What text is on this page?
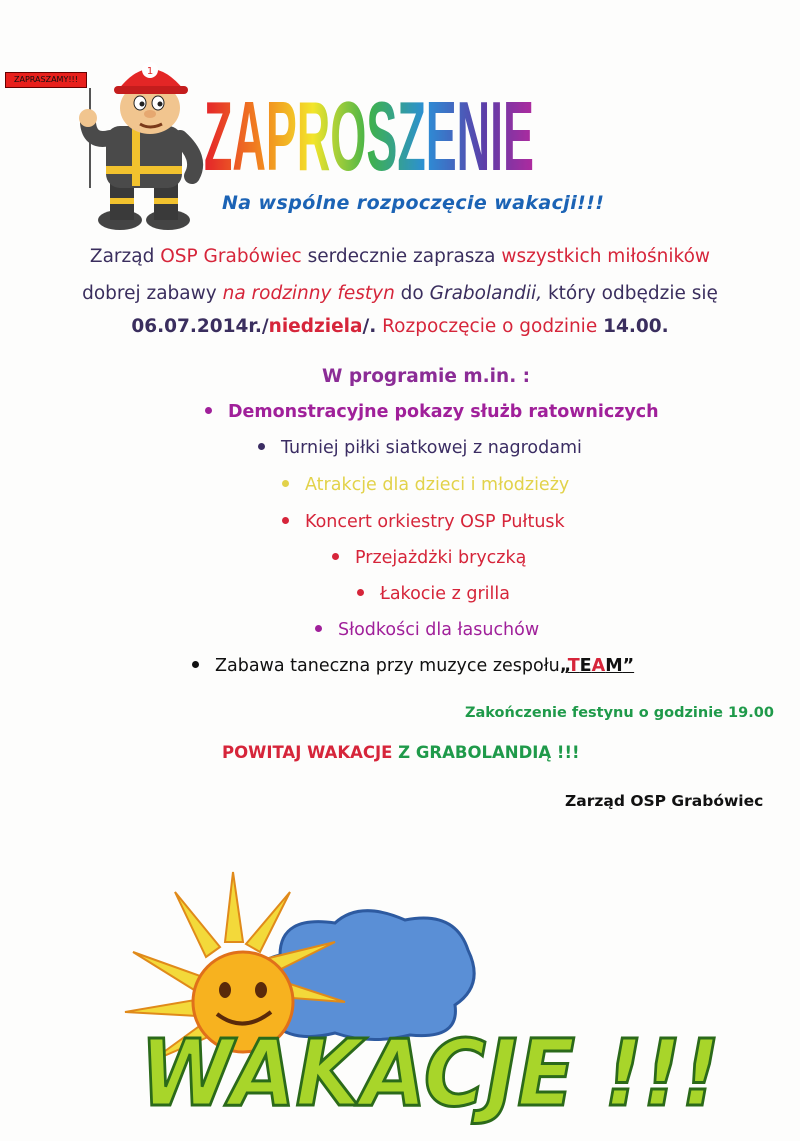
ZAPRASZAMY!!!
1
ZAPROSZENIE
Na wspólne rozpoczęcie wakacji!!!
Zarząd OSP Grabówiec serdecznie zaprasza wszystkich miłośników
dobrej zabawy na rodzinny festyn do Grabolandii, który odbędzie się
06.07.2014r./niedziela/. Rozpoczęcie o godzinie 14.00.
W programie m.in. :
Demonstracyjne pokazy służb ratowniczych
Turniej piłki siatkowej z nagrodami
Atrakcje dla dzieci i młodzieży
Koncert orkiestry OSP Pułtusk
Przejażdżki bryczką
Łakocie z grilla
Słodkości dla łasuchów
Zabawa taneczna przy muzyce zespołu„TEAM”
Zakończenie festynu o godzinie 19.00
POWITAJ WAKACJE Z GRABOLANDIĄ !!!
Zarząd OSP Grabówiec
WAKACJE !!!
